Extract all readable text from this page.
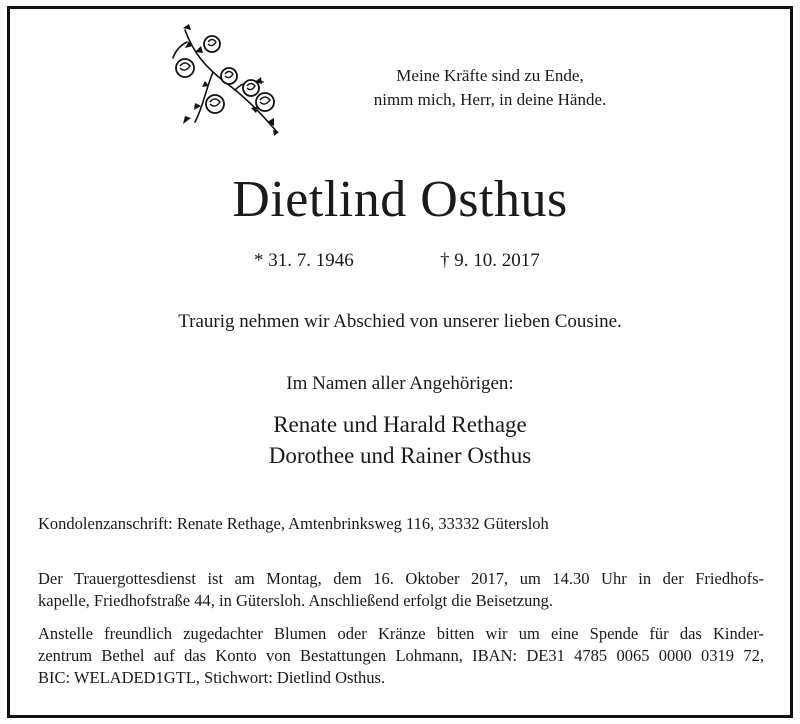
Meine Kräfte sind zu Ende,
nimm mich, Herr, in deine Hände.
Dietlind Osthus
* 31. 7. 1946	† 9. 10. 2017
Traurig nehmen wir Abschied von unserer lieben Cousine.
Im Namen aller Angehörigen:
Renate und Harald Rethage
Dorothee und Rainer Osthus
Kondolenzanschrift: Renate Rethage, Amtenbrinksweg 116, 33332 Gütersloh
Der Trauergottesdienst ist am Montag, dem 16. Oktober 2017, um 14.30 Uhr in der Friedhofs-
kapelle, Friedhofstraße 44, in Gütersloh. Anschließend erfolgt die Beisetzung.
Anstelle freundlich zugedachter Blumen oder Kränze bitten wir um eine Spende für das Kinder-
zentrum Bethel auf das Konto von Bestattungen Lohmann, IBAN: DE31 4785 0065 0000 0319 72,
BIC: WELADED1GTL, Stichwort: Dietlind Osthus.
